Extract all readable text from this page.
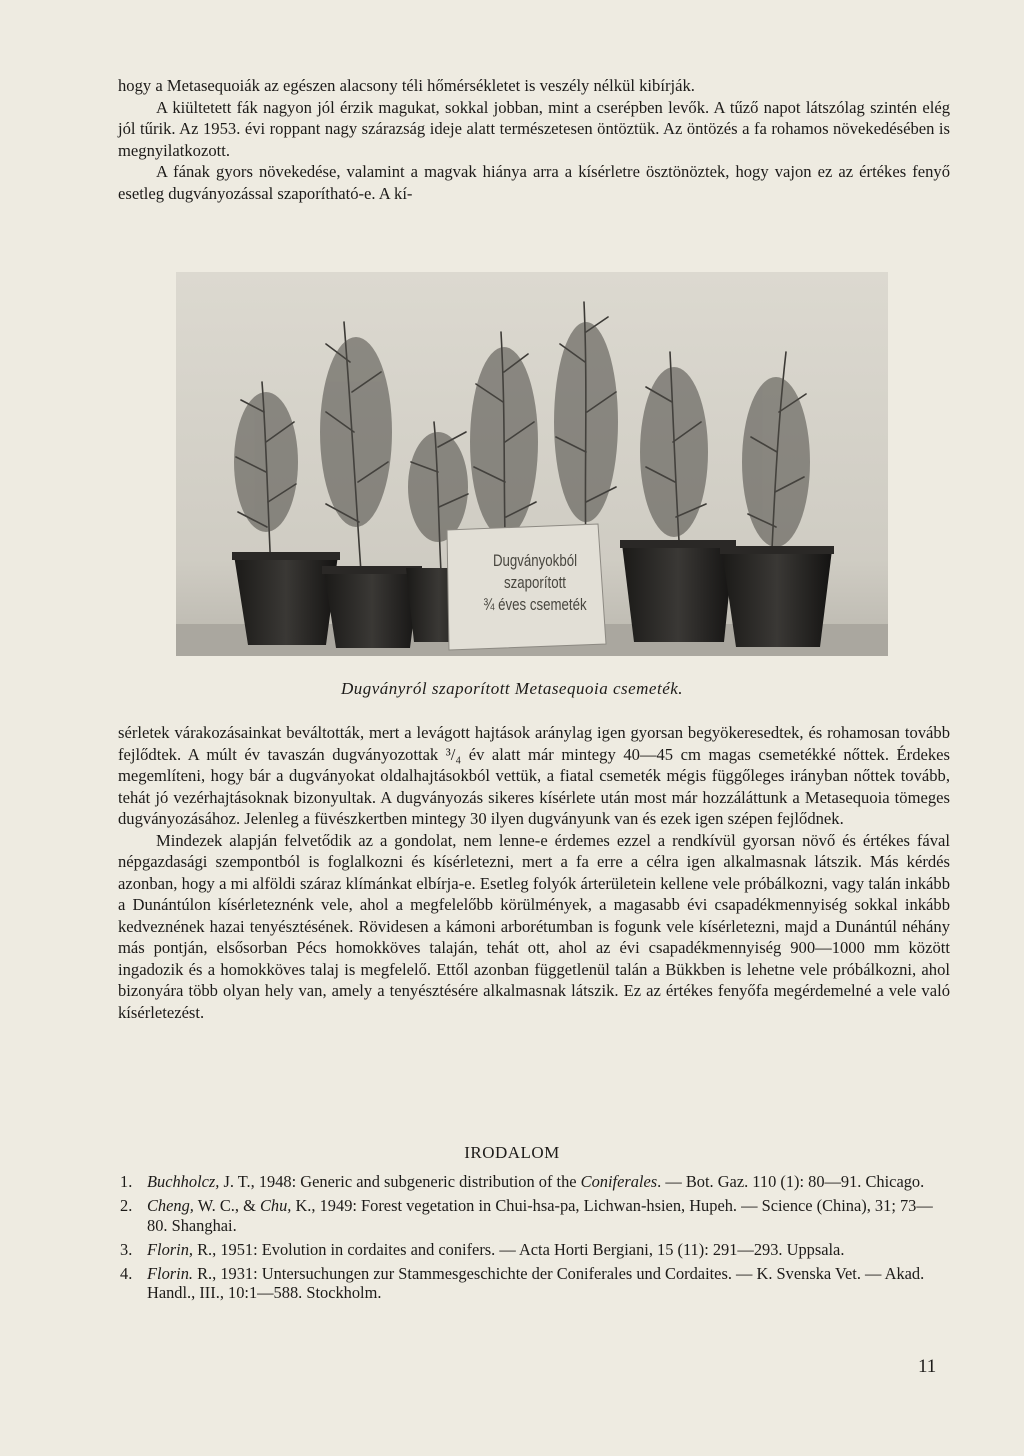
hogy a Metasequoiák az egészen alacsony téli hőmérsékletet is veszély nélkül kibírják.

A kiültetett fák nagyon jól érzik magukat, sokkal jobban, mint a cserépben levők. A tűző napot látszólag szintén elég jól tűrik. Az 1953. évi roppant nagy szárazság ideje alatt természetesen öntöztük. Az öntözés a fa rohamos növekedésében is megnyilatkozott.

A fának gyors növekedése, valamint a magvak hiánya arra a kísérletre ösztönöztek, hogy vajon ez az értékes fenyő esetleg dugványozással szaporítható-e. A kí-

Dugványokból
szaporított
¾ éves csemeték
Dugványról szaporított Metasequoia csemeték.

sérletek várakozásainkat beváltották, mert a levágott hajtások aránylag igen gyorsan begyökeresedtek, és rohamosan tovább fejlődtek. A múlt év tavaszán dugványozottak ³/₄ év alatt már mintegy 40—45 cm magas csemetékké nőttek. Érdekes megemlíteni, hogy bár a dugványokat oldalhajtásokból vettük, a fiatal csemeték mégis függőleges irányban nőttek tovább, tehát jó vezérhajtásoknak bizonyultak. A dugványozás sikeres kísérlete után most már hozzáláttunk a Metasequoia tömeges dugványozásához. Jelenleg a füvészkertben mintegy 30 ilyen dugványunk van és ezek igen szépen fejlődnek.

Mindezek alapján felvetődik az a gondolat, nem lenne-e érdemes ezzel a rendkívül gyorsan növő és értékes fával népgazdasági szempontból is foglalkozni és kísérletezni, mert a fa erre a célra igen alkalmasnak látszik. Más kérdés azonban, hogy a mi alföldi száraz klímánkat elbírja-e. Esetleg folyók árterületein kellene vele próbálkozni, vagy talán inkább a Dunántúlon kísérleteznénk vele, ahol a megfelelőbb körülmények, a magasabb évi csapadékmennyiség sokkal inkább kedveznének hazai tenyésztésének. Rövidesen a kámoni arborétumban is fogunk vele kísérletezni, majd a Dunántúl néhány más pontján, elsősorban Pécs homokköves talaján, tehát ott, ahol az évi csapadékmennyiség 900—1000 mm között ingadozik és a homokköves talaj is megfelelő. Ettől azonban függetlenül talán a Bükkben is lehetne vele próbálkozni, ahol bizonyára több olyan hely van, amely a tenyésztésére alkalmasnak látszik. Ez az értékes fenyőfa megérdemelné a vele való kísérletezést.

IRODALOM
1. Buchholcz, J. T., 1948: Generic and subgeneric distribution of the Coniferales. — Bot. Gaz. 110 (1): 80—91. Chicago.
2. Cheng, W. C., & Chu, K., 1949: Forest vegetation in Chui-hsa-pa, Lichwan-hsien, Hupeh. — Science (China), 31; 73—80. Shanghai.
3. Florin, R., 1951: Evolution in cordaites and conifers. — Acta Horti Bergiani, 15 (11): 291—293. Uppsala.
4. Florin. R., 1931: Untersuchungen zur Stammesgeschichte der Coniferales und Cordaites. — K. Svenska Vet. — Akad. Handl., III., 10:1—588. Stockholm.
11
